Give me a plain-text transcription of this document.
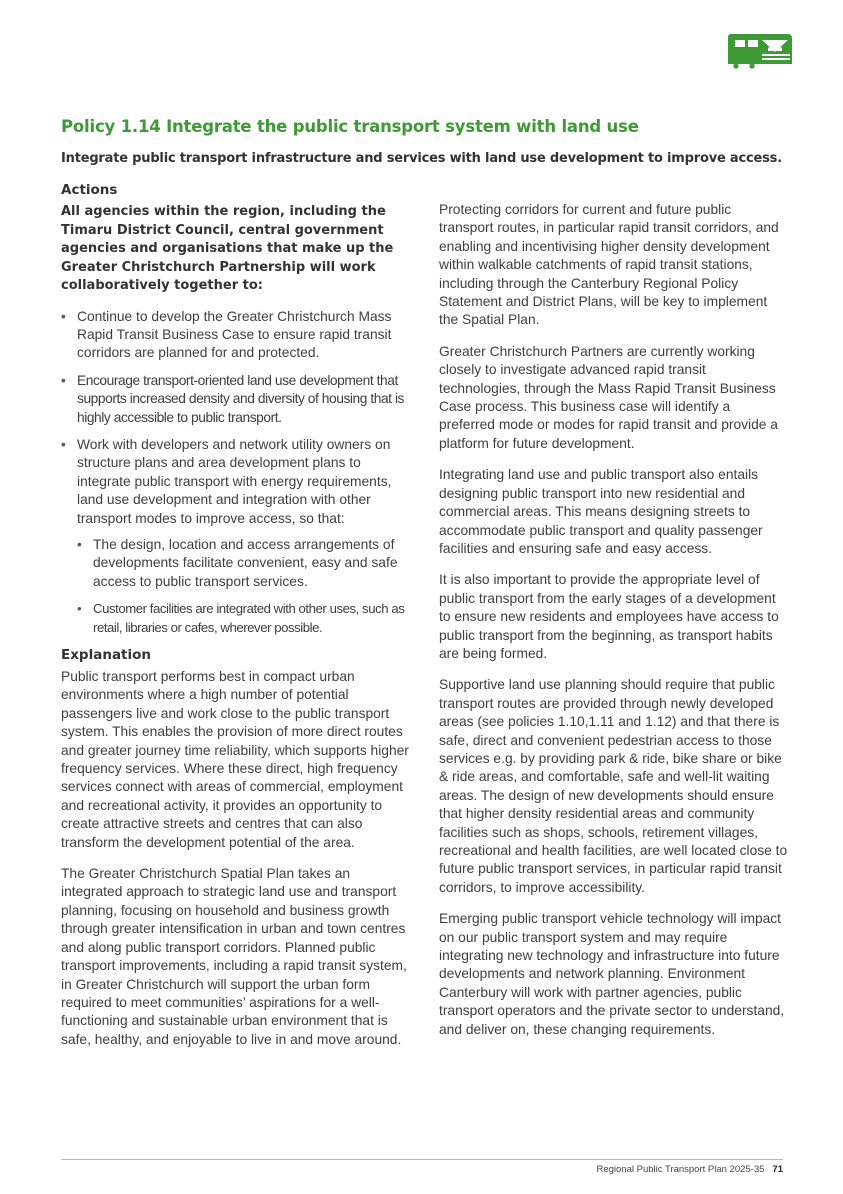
Policy 1.14 Integrate the public transport system with land use
Integrate public transport infrastructure and services with land use development to improve access.
Actions

All agencies within the region, including the Timaru District Council, central government agencies and organisations that make up the Greater Christchurch Partnership will work collaboratively together to:

• Continue to develop the Greater Christchurch Mass Rapid Transit Business Case to ensure rapid transit corridors are planned for and protected.
• Encourage transport-oriented land use development that supports increased density and diversity of housing that is highly accessible to public transport.
• Work with developers and network utility owners on structure plans and area development plans to integrate public transport with energy requirements, land use development and integration with other transport modes to improve access, so that:
• The design, location and access arrangements of developments facilitate convenient, easy and safe access to public transport services.
• Customer facilities are integrated with other uses, such as retail, libraries or cafes, wherever possible.
Explanation

Public transport performs best in compact urban environments where a high number of potential passengers live and work close to the public transport system. This enables the provision of more direct routes and greater journey time reliability, which supports higher frequency services. Where these direct, high frequency services connect with areas of commercial, employment and recreational activity, it provides an opportunity to create attractive streets and centres that can also transform the development potential of the area.

The Greater Christchurch Spatial Plan takes an integrated approach to strategic land use and transport planning, focusing on household and business growth through greater intensification in urban and town centres and along public transport corridors. Planned public transport improvements, including a rapid transit system, in Greater Christchurch will support the urban form required to meet communities’ aspirations for a well-functioning and sustainable urban environment that is safe, healthy, and enjoyable to live in and move around.

Protecting corridors for current and future public transport routes, in particular rapid transit corridors, and enabling and incentivising higher density development within walkable catchments of rapid transit stations, including through the Canterbury Regional Policy Statement and District Plans, will be key to implement the Spatial Plan.

Greater Christchurch Partners are currently working closely to investigate advanced rapid transit technologies, through the Mass Rapid Transit Business Case process. This business case will identify a preferred mode or modes for rapid transit and provide a platform for future development.

Integrating land use and public transport also entails designing public transport into new residential and commercial areas. This means designing streets to accommodate public transport and quality passenger facilities and ensuring safe and easy access.

It is also important to provide the appropriate level of public transport from the early stages of a development to ensure new residents and employees have access to public transport from the beginning, as transport habits are being formed.

Supportive land use planning should require that public transport routes are provided through newly developed areas (see policies 1.10,1.11 and 1.12) and that there is safe, direct and convenient pedestrian access to those services e.g. by providing park & ride, bike share or bike & ride areas, and comfortable, safe and well-lit waiting areas. The design of new developments should ensure that higher density residential areas and community facilities such as shops, schools, retirement villages, recreational and health facilities, are well located close to future public transport services, in particular rapid transit corridors, to improve accessibility.

Emerging public transport vehicle technology will impact on our public transport system and may require integrating new technology and infrastructure into future developments and network planning. Environment Canterbury will work with partner agencies, public transport operators and the private sector to understand, and deliver on, these changing requirements.

Regional Public Transport Plan 2025-35 71
